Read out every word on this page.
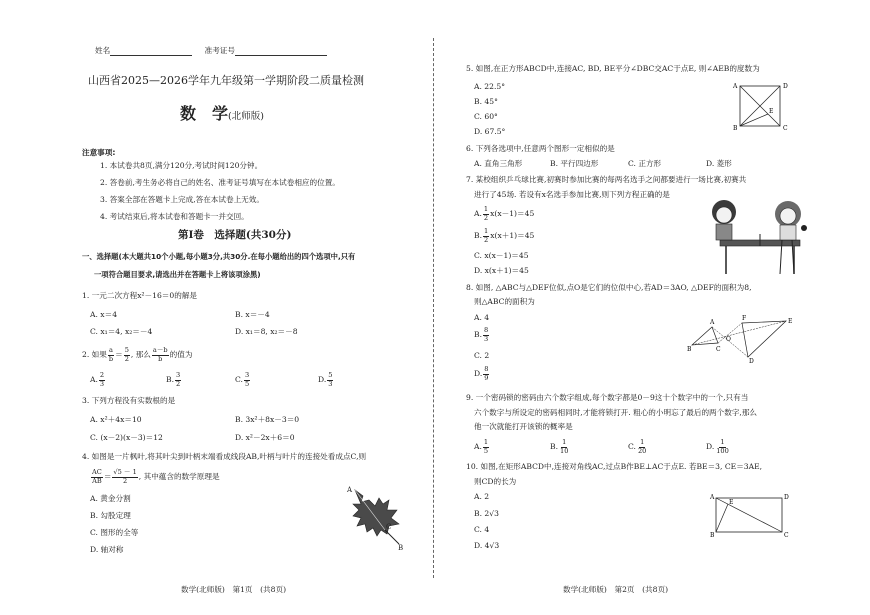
姓名	准考证号
山西省2025—2026学年九年级第一学期阶段二质量检测
数　学(北师版)
注意事项:
1. 本试卷共8页,满分120分,考试时间120分钟。
2. 答卷前,考生务必将自己的姓名、准考证号填写在本试卷相应的位置。
3. 答案全部在答题卡上完成,答在本试卷上无效。
4. 考试结束后,将本试卷和答题卡一并交回。
第Ⅰ卷　选择题(共30分)
一、选择题(本大题共10个小题,每小题3分,共30分.在每小题给出的四个选项中,只有
一项符合题目要求,请选出并在答题卡上将该项涂黑)
1. 一元二次方程x²－16＝0的解是
A. x＝4	B. x＝－4
C. x₁＝4, x₂＝－4	D. x₁＝8, x₂＝－8
2. 如果 $\frac{a}{b} = \frac{5}{2}$ , 那么 $\frac{a-b}{b}$ 的值为
A. $\frac{2}{3}$	B. $\frac{3}{2}$	C. $\frac{3}{5}$	D. $\frac{5}{3}$
3. 下列方程没有实数根的是
A. x²＋4x＝10	B. 3x²＋8x－3＝0
C. (x－2)(x－3)＝12	D. x²－2x＋6＝0
4. 如图是一片枫叶,将其叶尖到叶柄末端看成线段AB,叶柄与叶片的连接处看成点C,则
$\frac{AC}{AB} = \frac{√5 - 1}{2}$ , 其中蕴含的数学原理是
A. 黄金分割
B. 勾股定理
C. 图形的全等
D. 轴对称
A
C
B
数学(北师版)　第1页　(共8页)
5. 如图,在正方形ABCD中,连接AC, BD, BE平分∠DBC交AC于点E, 则∠AEB的度数为
A. 22.5°
B. 45°
C. 60°
D. 67.5°
A	D
B	C
E
6. 下列各选项中,任意两个图形一定相似的是
A. 直角三角形	B. 平行四边形	C. 正方形	D. 菱形
7. 某校组织乒乓球比赛,初赛时参加比赛的每两名选手之间都要进行一场比赛,初赛共
进行了45场. 若设有x名选手参加比赛,则下列方程正确的是
A. $\frac{1}{2} x(x-1)=45$
B. $\frac{1}{2} x(x+1)=45$
C. x(x－1)＝45
D. x(x＋1)＝45
8. 如图, △ABC与△DEF位似,点O是它们的位似中心,若AD＝3AO, △DEF的面积为8,
则△ABC的面积为
A. 4
B. $\frac{8}{3}$
C. 2
D. $\frac{8}{9}$
A
B	C
O
D
E
F
9. 一个密码锁的密码由六个数字组成,每个数字都是0－9这十个数字中的一个,只有当
六个数字与所设定的密码相同时,才能将锁打开. 粗心的小明忘了最后的两个数字,那么
他一次就能打开该锁的概率是
A. $\frac{1}{5}$	B. $\frac{1}{10}$	C. $\frac{1}{20}$	D. $\frac{1}{100}$
10. 如图,在矩形ABCD中,连接对角线AC,过点B作BE⊥AC于点E. 若BE＝3, CE＝3AE,
则CD的长为
A. 2
B. 2√3
C. 4
D. 4√3
A	D
B	C
E
数学(北师版)　第2页　(共8页)
